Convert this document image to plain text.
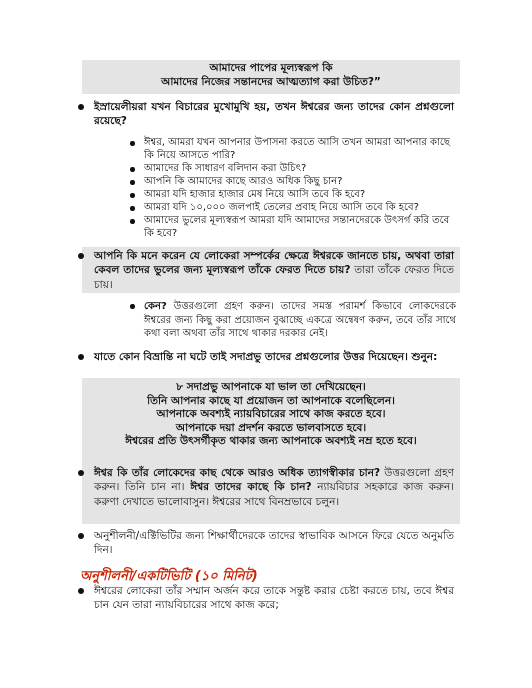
আমাদের পাপের মূল্যস্বরূপ কি
আমাদের নিজের সন্তানদের আত্মত্যাগ করা উচিত?”
ইস্রায়েলীয়রা যখন বিচারের মুখোমুখি হয়, তখন ঈশ্বরের জন্য তাদের কোন প্রশ্নগুলো রয়েছে?
ঈশ্বর, আমরা যখন আপনার উপাসনা করতে আসি তখন আমরা আপনার কাছে কি নিয়ে আসতে পারি?
আমাদের কি সাধারণ বলিদান করা উচিৎ?
আপনি কি আমাদের কাছে আরও অধিক কিছু চান?
আমরা যদি হাজার হাজার মেষ নিয়ে আসি তবে কি হবে?
আমরা যদি ১০,০০০ জলপাই তেলের প্রবাহ নিয়ে আসি তবে কি হবে?
আমাদের ভুলের মূল্যস্বরূপ আমরা যদি আমাদের সন্তানদেরকে উৎসর্গ করি তবে কি হবে?
আপনি কি মনে করেন যে লোকেরা সম্পর্কের ক্ষেত্রে ঈশ্বরকে জানতে চায়, অথবা তারা কেবল তাদের ভুলের জন্য মূল্যস্বরূপ তাঁকে ফেরত দিতে চায়? তারা তাঁকে ফেরত দিতে চায়।
কেন? উত্তরগুলো গ্রহণ করুন। তাদের সমস্ত পরামর্শ কিভাবে লোকদেরকে ঈশ্বরের জন্য কিছু করা প্রয়োজন বুঝাচ্ছে একত্রে অন্বেষণ করুন, তবে তাঁর সাথে কথা বলা অথবা তাঁর সাথে থাকার দরকার নেই।
যাতে কোন বিভ্রান্তি না ঘটে তাই সদাপ্রভু তাদের প্রশ্নগুলোর উত্তর দিয়েছেন। শুনুন:
৮ সদাপ্রভু আপনাকে যা ভাল তা দেখিয়েছেন।
তিনি আপনার কাছে যা প্রয়োজন তা আপনাকে বলেছিলেন।
আপনাকে অবশ্যই ন্যায়বিচারের সাথে কাজ করতে হবে।
আপনাকে দয়া প্রদর্শন করতে ভালবাসতে হবে।
ঈশ্বরের প্রতি উৎসর্গীকৃত থাকার জন্য আপনাকে অবশ্যই নম্র হতে হবে।
ঈশ্বর কি তাঁর লোকেদের কাছ থেকে আরও অধিক ত্যাগস্বীকার চান? উত্তরগুলো গ্রহণ করুন। তিনি চান না। ঈশ্বর তাদের কাছে কি চান? ন্যায়বিচার সহকারে কাজ করুন। করুণা দেখাতে ভালোবাসুন। ঈশ্বরের সাথে বিনম্রভাবে চলুন।
অনুশীলনী/এক্টিভিটির জন্য শিক্ষার্থীদেরকে তাদের স্বাভাবিক আসনে ফিরে যেতে অনুমতি দিন।
অনুশীলনী/একটিভিটি (১০ মিনিট)
ঈশ্বরের লোকেরা তাঁর সম্মান অর্জন করে তাকে সন্তুষ্ট করার চেষ্টা করতে চায়, তবে ঈশ্বর চান যেন তারা ন্যায়বিচারের সাথে কাজ করে;
